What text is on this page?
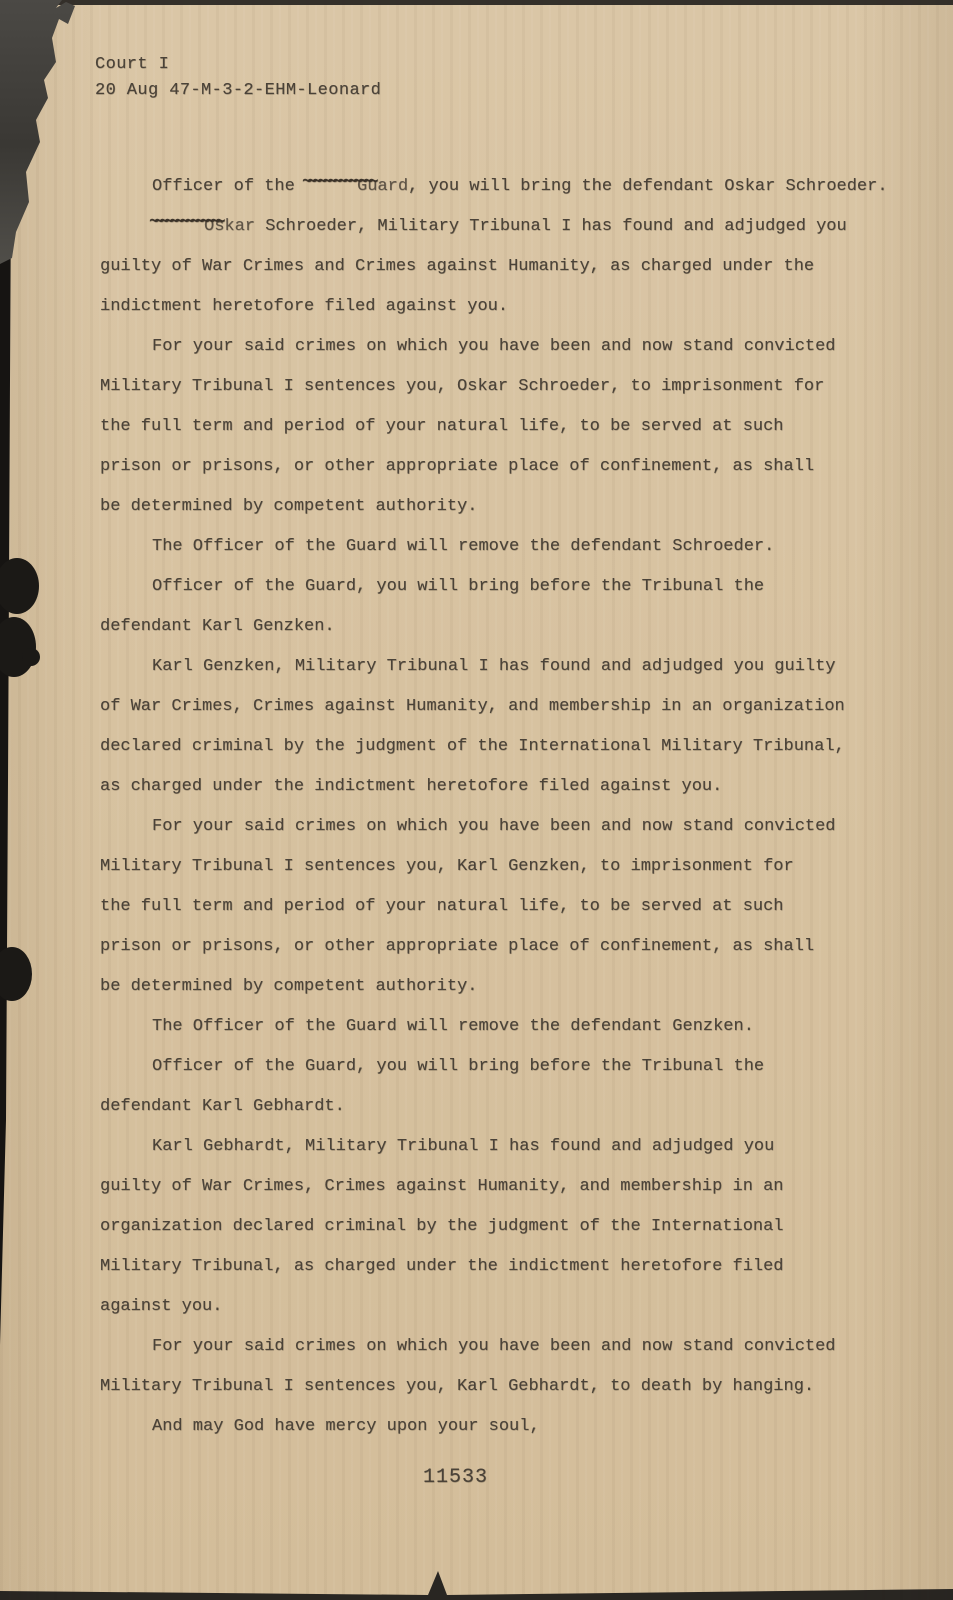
Court I
20 Aug 47-M-3-2-EHM-Leonard
Officer of the	Guard ~~~~~, you will bring the defendant Oskar Schroeder.
Oskar ~~~~~ Schroeder, Military Tribunal I has found and adjudged you
guilty of War Crimes and Crimes against Humanity, as charged under the
indictment heretofore filed against you.
For your said crimes on which you have been and now stand convicted
Military Tribunal I sentences you, Oskar Schroeder, to imprisonment for
the full term and period of your natural life, to be served at such
prison or prisons, or other appropriate place of confinement, as shall
be determined by competent authority.
The Officer of the Guard will remove the defendant Schroeder.
Officer of the Guard, you will bring before the Tribunal the
defendant Karl Genzken.
Karl Genzken, Military Tribunal I has found and adjudged you guilty
of War Crimes, Crimes against Humanity, and membership in an organization
declared criminal by the judgment of the International Military Tribunal,
as charged under the indictment heretofore filed against you.
For your said crimes on which you have been and now stand convicted
Military Tribunal I sentences you, Karl Genzken, to imprisonment for
the full term and period of your natural life, to be served at such
prison or prisons, or other appropriate place of confinement, as shall
be determined by competent authority.
The Officer of the Guard will remove the defendant Genzken.
Officer of the Guard, you will bring before the Tribunal the
defendant Karl Gebhardt.
Karl Gebhardt, Military Tribunal I has found and adjudged you
guilty of War Crimes, Crimes against Humanity, and membership in an
organization declared criminal by the judgment of the International
Military Tribunal, as charged under the indictment heretofore filed
against you.
For your said crimes on which you have been and now stand convicted
Military Tribunal I sentences you, Karl Gebhardt, to death by hanging.
And may God have mercy upon your soul,
11533
